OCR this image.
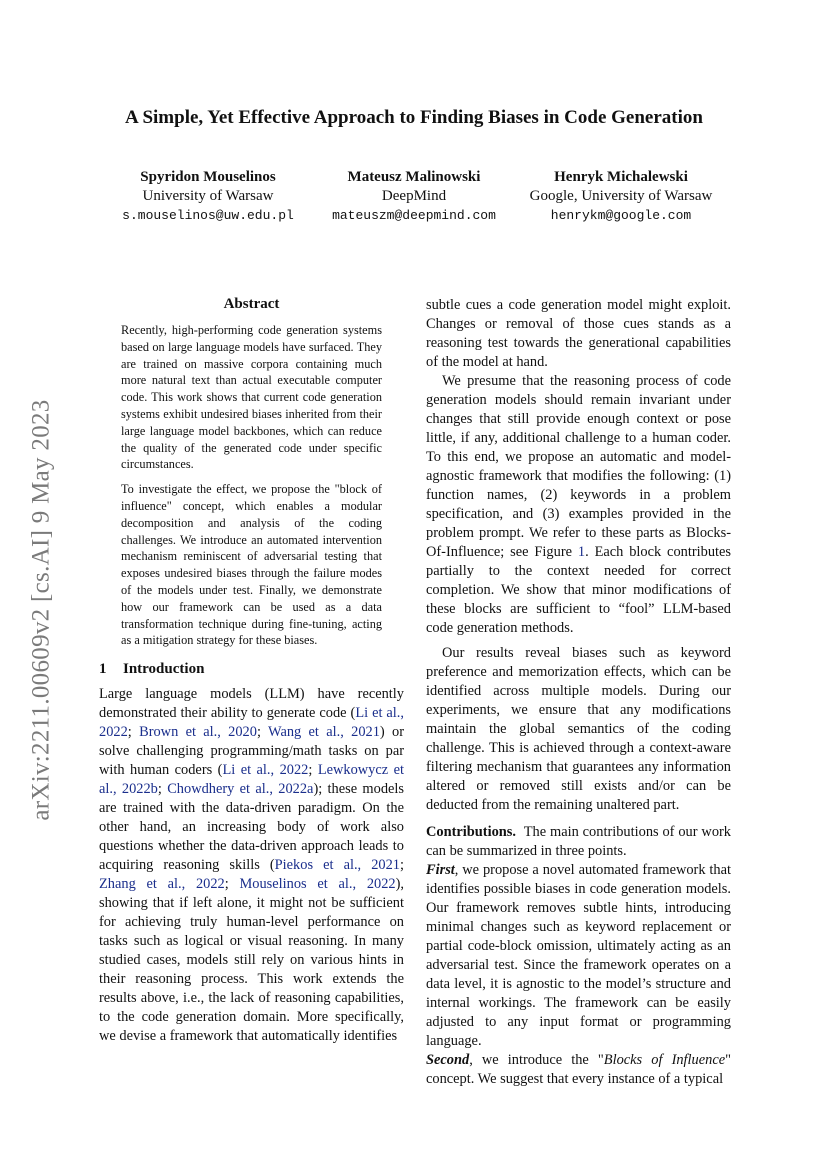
arXiv:2211.00609v2 [cs.AI] 9 May 2023
A Simple, Yet Effective Approach to Finding Biases in Code Generation
Spyridon Mouselinos
University of Warsaw
s.mouselinos@uw.edu.pl
Mateusz Malinowski
DeepMind
mateuszm@deepmind.com
Henryk Michalewski
Google, University of Warsaw
henrykm@google.com
Abstract

Recently, high-performing code generation systems based on large language models have surfaced. They are trained on massive corpora containing much more natural text than actual executable computer code. This work shows that current code generation systems exhibit undesired biases inherited from their large language model backbones, which can reduce the quality of the generated code under specific circumstances.

To investigate the effect, we propose the "block of influence" concept, which enables a modular decomposition and analysis of the coding challenges. We introduce an automated intervention mechanism reminiscent of adversarial testing that exposes undesired biases through the failure modes of the models under test. Finally, we demonstrate how our framework can be used as a data transformation technique during fine-tuning, acting as a mitigation strategy for these biases.

1 Introduction

Large language models (LLM) have recently demonstrated their ability to generate code (Li et al., 2022; Brown et al., 2020; Wang et al., 2021) or solve challenging programming/math tasks on par with human coders (Li et al., 2022; Lewkowycz et al., 2022b; Chowdhery et al., 2022a); these models are trained with the data-driven paradigm. On the other hand, an increasing body of work also questions whether the data-driven approach leads to acquiring reasoning skills (Piekos et al., 2021; Zhang et al., 2022; Mouselinos et al., 2022), showing that if left alone, it might not be sufficient for achieving truly human-level performance on tasks such as logical or visual reasoning. In many studied cases, models still rely on various hints in their reasoning process. This work extends the results above, i.e., the lack of reasoning capabilities, to the code generation domain. More specifically, we devise a framework that automatically identifies

subtle cues a code generation model might exploit. Changes or removal of those cues stands as a reasoning test towards the generational capabilities of the model at hand.

We presume that the reasoning process of code generation models should remain invariant under changes that still provide enough context or pose little, if any, additional challenge to a human coder. To this end, we propose an automatic and model-agnostic framework that modifies the following: (1) function names, (2) keywords in a problem specification, and (3) examples provided in the problem prompt. We refer to these parts as Blocks-Of-Influence; see Figure 1. Each block contributes partially to the context needed for correct completion. We show that minor modifications of these blocks are sufficient to “fool” LLM-based code generation methods.

Our results reveal biases such as keyword preference and memorization effects, which can be identified across multiple models. During our experiments, we ensure that any modifications maintain the global semantics of the coding challenge. This is achieved through a context-aware filtering mechanism that guarantees any information altered or removed still exists and/or can be deducted from the remaining unaltered part.

Contributions. The main contributions of our work can be summarized in three points.

First, we propose a novel automated framework that identifies possible biases in code generation models. Our framework removes subtle hints, introducing minimal changes such as keyword replacement or partial code-block omission, ultimately acting as an adversarial test. Since the framework operates on a data level, it is agnostic to the model’s structure and internal workings. The framework can be easily adjusted to any input format or programming language.

Second, we introduce the "Blocks of Influence" concept. We suggest that every instance of a typical
